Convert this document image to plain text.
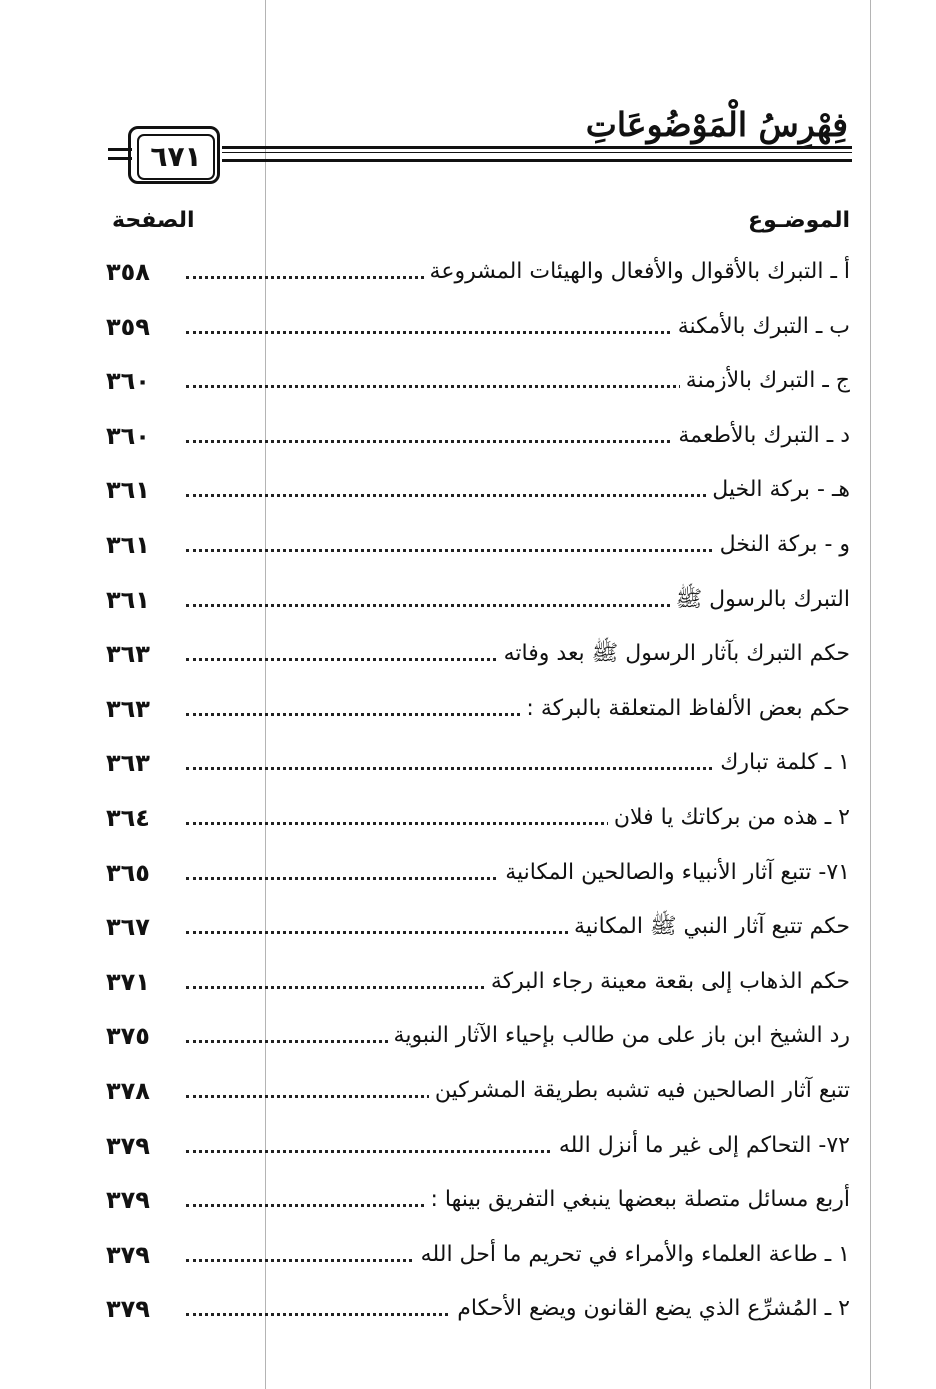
فِهْرِسُ الْمَوْضُوعَاتِ
٦٧١
الموضـوع
الصفحة
أ ـ التبرك بالأقوال والأفعال والهيئات المشروعة
٣٥٨
ب ـ التبرك بالأمكنة
٣٥٩
ج ـ التبرك بالأزمنة
٣٦٠
د ـ التبرك بالأطعمة
٣٦٠
هـ - بركة الخيل
٣٦١
و - بركة النخل
٣٦١
التبرك بالرسول ﷺ
٣٦١
حكم التبرك بآثار الرسول ﷺ بعد وفاته
٣٦٣
حكم بعض الألفاظ المتعلقة بالبركة :
٣٦٣
١ ـ كلمة تبارك
٣٦٣
٢ ـ هذه من بركاتك يا فلان
٣٦٤
٧١- تتبع آثار الأنبياء والصالحين المكانية
٣٦٥
حكم تتبع آثار النبي ﷺ المكانية
٣٦٧
حكم الذهاب إلى بقعة معينة رجاء البركة
٣٧١
رد الشيخ ابن باز على من طالب بإحياء الآثار النبوية
٣٧٥
تتبع آثار الصالحين فيه تشبه بطريقة المشركين
٣٧٨
٧٢- التحاكم إلى غير ما أنزل الله
٣٧٩
أربع مسائل متصلة ببعضها ينبغي التفريق بينها :
٣٧٩
١ ـ طاعة العلماء والأمراء في تحريم ما أحل الله
٣٧٩
٢ ـ المُشرِّع الذي يضع القانون ويضع الأحكام
٣٧٩
